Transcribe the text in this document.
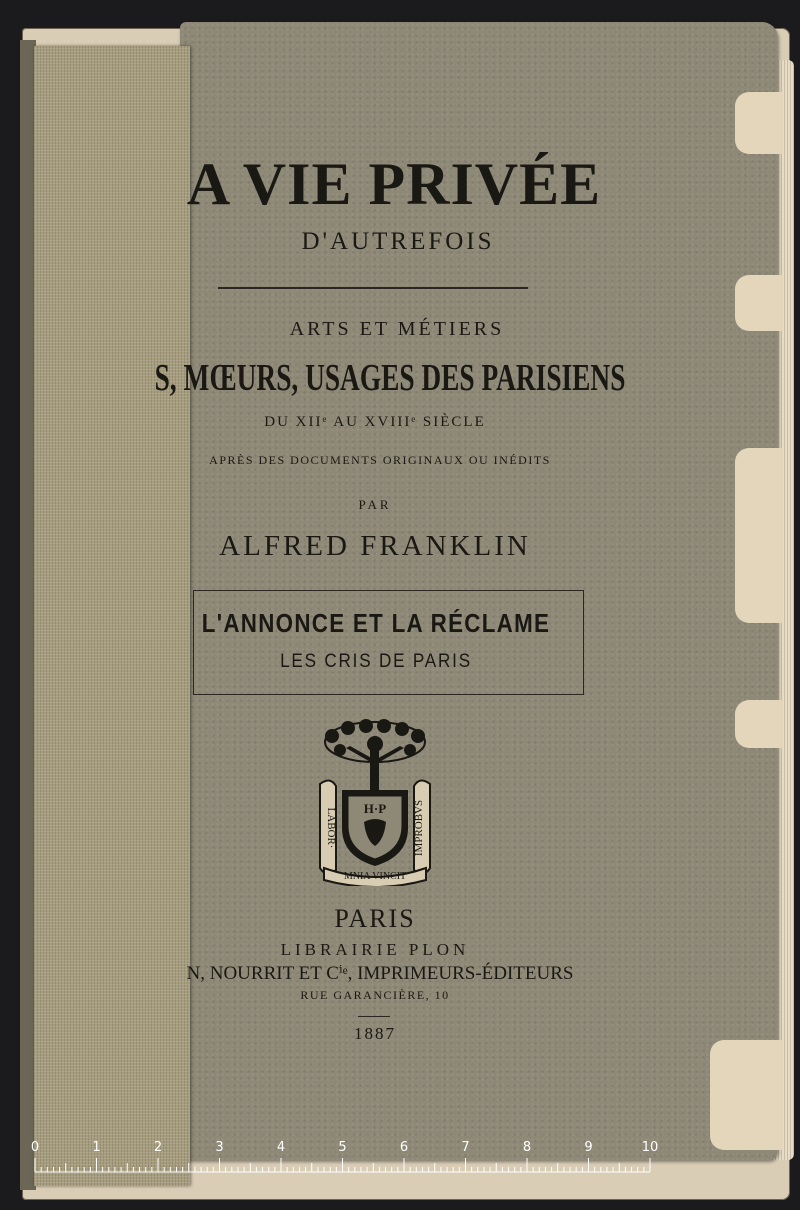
A VIE PRIVÉE
D'AUTREFOIS
ARTS ET MÉTIERS
S, MŒURS, USAGES DES PARISIENS
DU XIIᵉ AU XVIIIᵉ SIÈCLE
APRÈS DES DOCUMENTS ORIGINAUX OU INÉDITS
PAR
ALFRED FRANKLIN
L'ANNONCE ET LA RÉCLAME
LES CRIS DE PARIS
LABOR·	IMPROBVS
MNIA VINCIT
H·P
PARIS
LIBRAIRIE PLON
N, NOURRIT ET Cⁱᵉ, IMPRIMEURS-ÉDITEURS
RUE GARANCIÈRE, 10
1887
0	1	2	3	4	5	6	7	8	9	10
